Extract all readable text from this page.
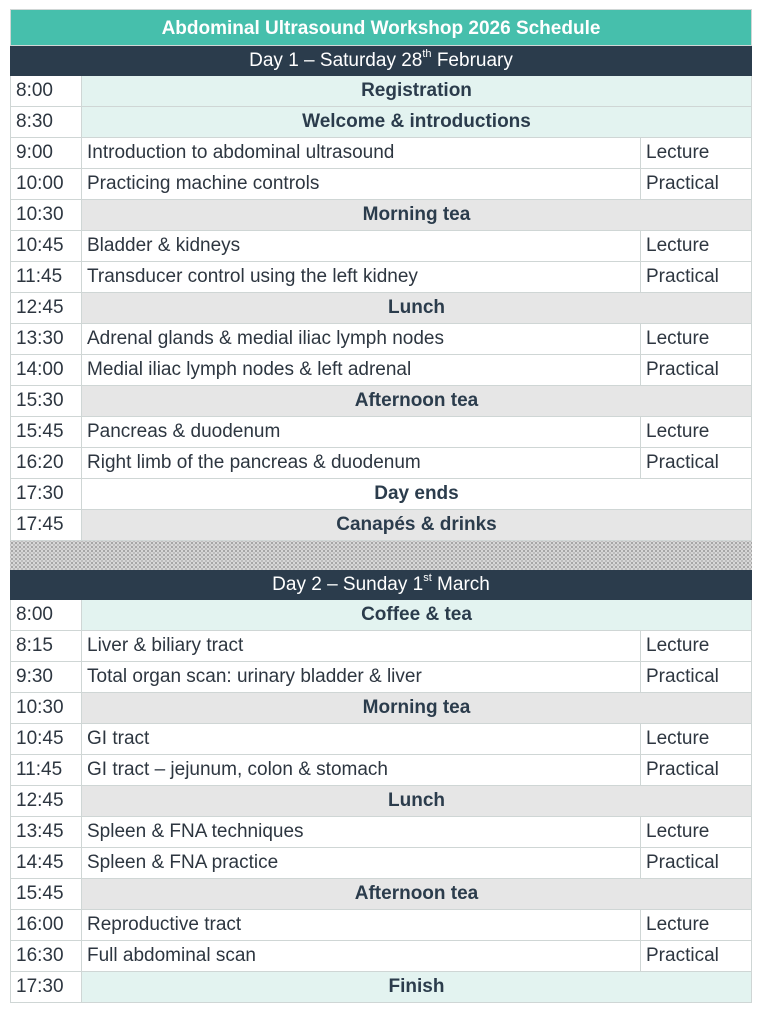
Abdominal Ultrasound Workshop 2026 Schedule
Day 1 – Saturday 28th February
8:00	Registration
8:30	Welcome & introductions
9:00	Introduction to abdominal ultrasound	Lecture
10:00	Practicing machine controls	Practical
10:30	Morning tea
10:45	Bladder & kidneys	Lecture
11:45	Transducer control using the left kidney	Practical
12:45	Lunch
13:30	Adrenal glands & medial iliac lymph nodes	Lecture
14:00	Medial iliac lymph nodes & left adrenal	Practical
15:30	Afternoon tea
15:45	Pancreas & duodenum	Lecture
16:20	Right limb of the pancreas & duodenum	Practical
17:30	Day ends
17:45	Canapés & drinks
Day 2 – Sunday 1st March
8:00	Coffee & tea
8:15	Liver & biliary tract	Lecture
9:30	Total organ scan: urinary bladder & liver	Practical
10:30	Morning tea
10:45	GI tract	Lecture
11:45	GI tract – jejunum, colon & stomach	Practical
12:45	Lunch
13:45	Spleen & FNA techniques	Lecture
14:45	Spleen & FNA practice	Practical
15:45	Afternoon tea
16:00	Reproductive tract	Lecture
16:30	Full abdominal scan	Practical
17:30	Finish
